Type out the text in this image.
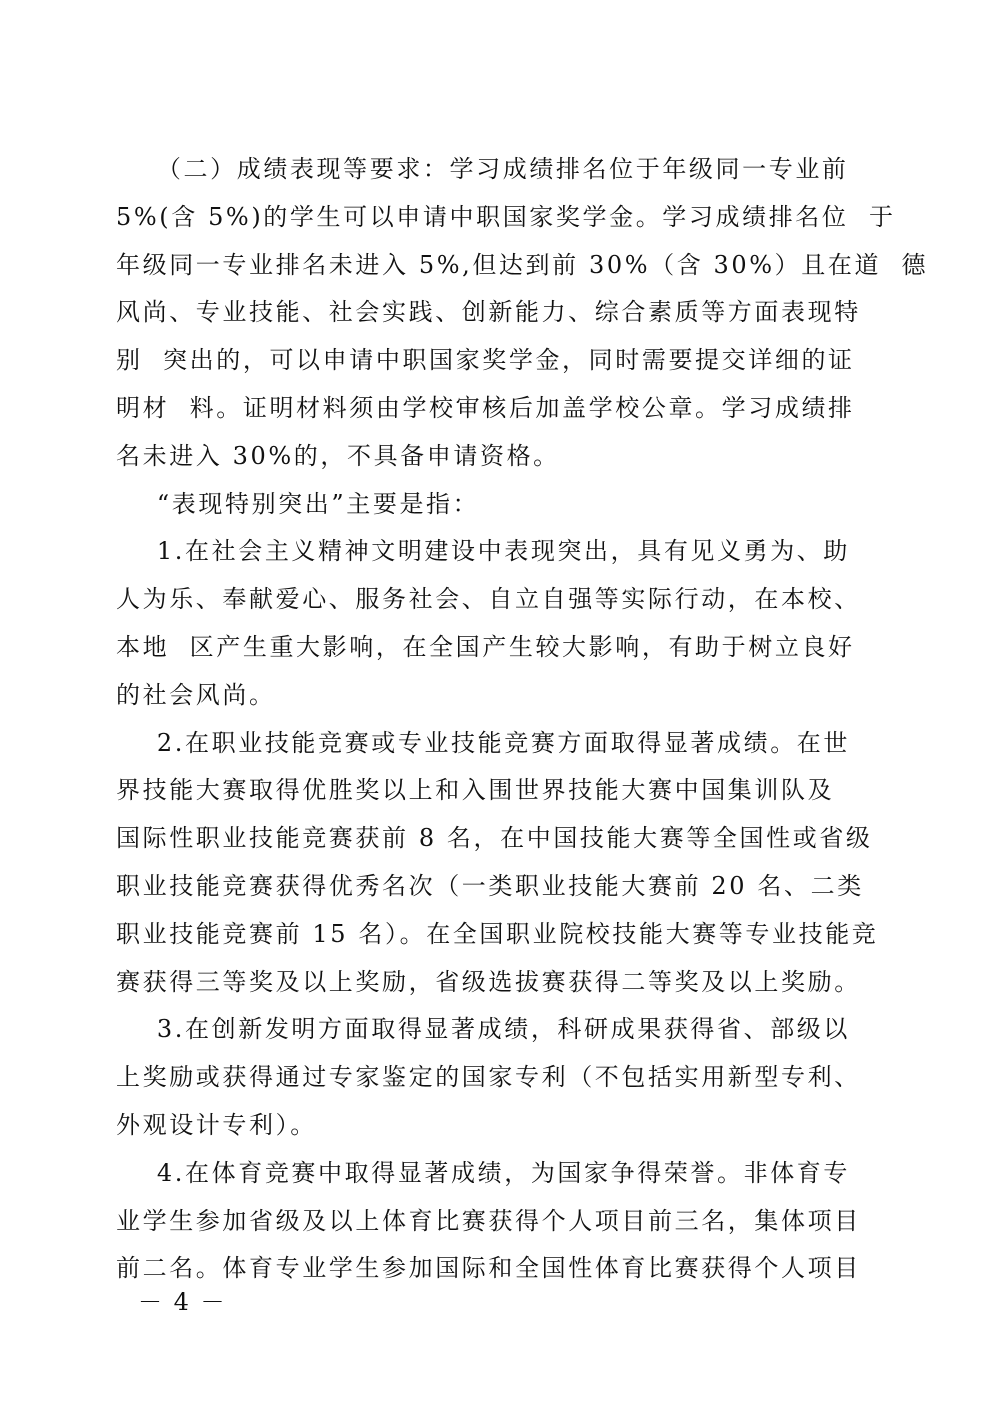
（二）成绩表现等要求：学习成绩排名位于年级同一专业前
5%(含 5%)的学生可以申请中职国家奖学金。学习成绩排名位  于
年级同一专业排名未进入 5%,但达到前 30%（含 30%）且在道  德
风尚、专业技能、社会实践、创新能力、综合素质等方面表现特
别  突出的，可以申请中职国家奖学金，同时需要提交详细的证
明材  料。证明材料须由学校审核后加盖学校公章。学习成绩排
名未进入 30%的，不具备申请资格。
“表现特别突出”主要是指：
1.在社会主义精神文明建设中表现突出，具有见义勇为、助
人为乐、奉献爱心、服务社会、自立自强等实际行动，在本校、
本地  区产生重大影响，在全国产生较大影响，有助于树立良好
的社会风尚。
2.在职业技能竞赛或专业技能竞赛方面取得显著成绩。在世
界技能大赛取得优胜奖以上和入围世界技能大赛中国集训队及
国际性职业技能竞赛获前 8 名，在中国技能大赛等全国性或省级
职业技能竞赛获得优秀名次（一类职业技能大赛前 20 名、二类
职业技能竞赛前 15 名）。在全国职业院校技能大赛等专业技能竞
赛获得三等奖及以上奖励，省级选拔赛获得二等奖及以上奖励。
3.在创新发明方面取得显著成绩，科研成果获得省、部级以
上奖励或获得通过专家鉴定的国家专利（不包括实用新型专利、
外观设计专利）。
4.在体育竞赛中取得显著成绩，为国家争得荣誉。非体育专
业学生参加省级及以上体育比赛获得个人项目前三名，集体项目
前二名。体育专业学生参加国际和全国性体育比赛获得个人项目
－ 4 －
